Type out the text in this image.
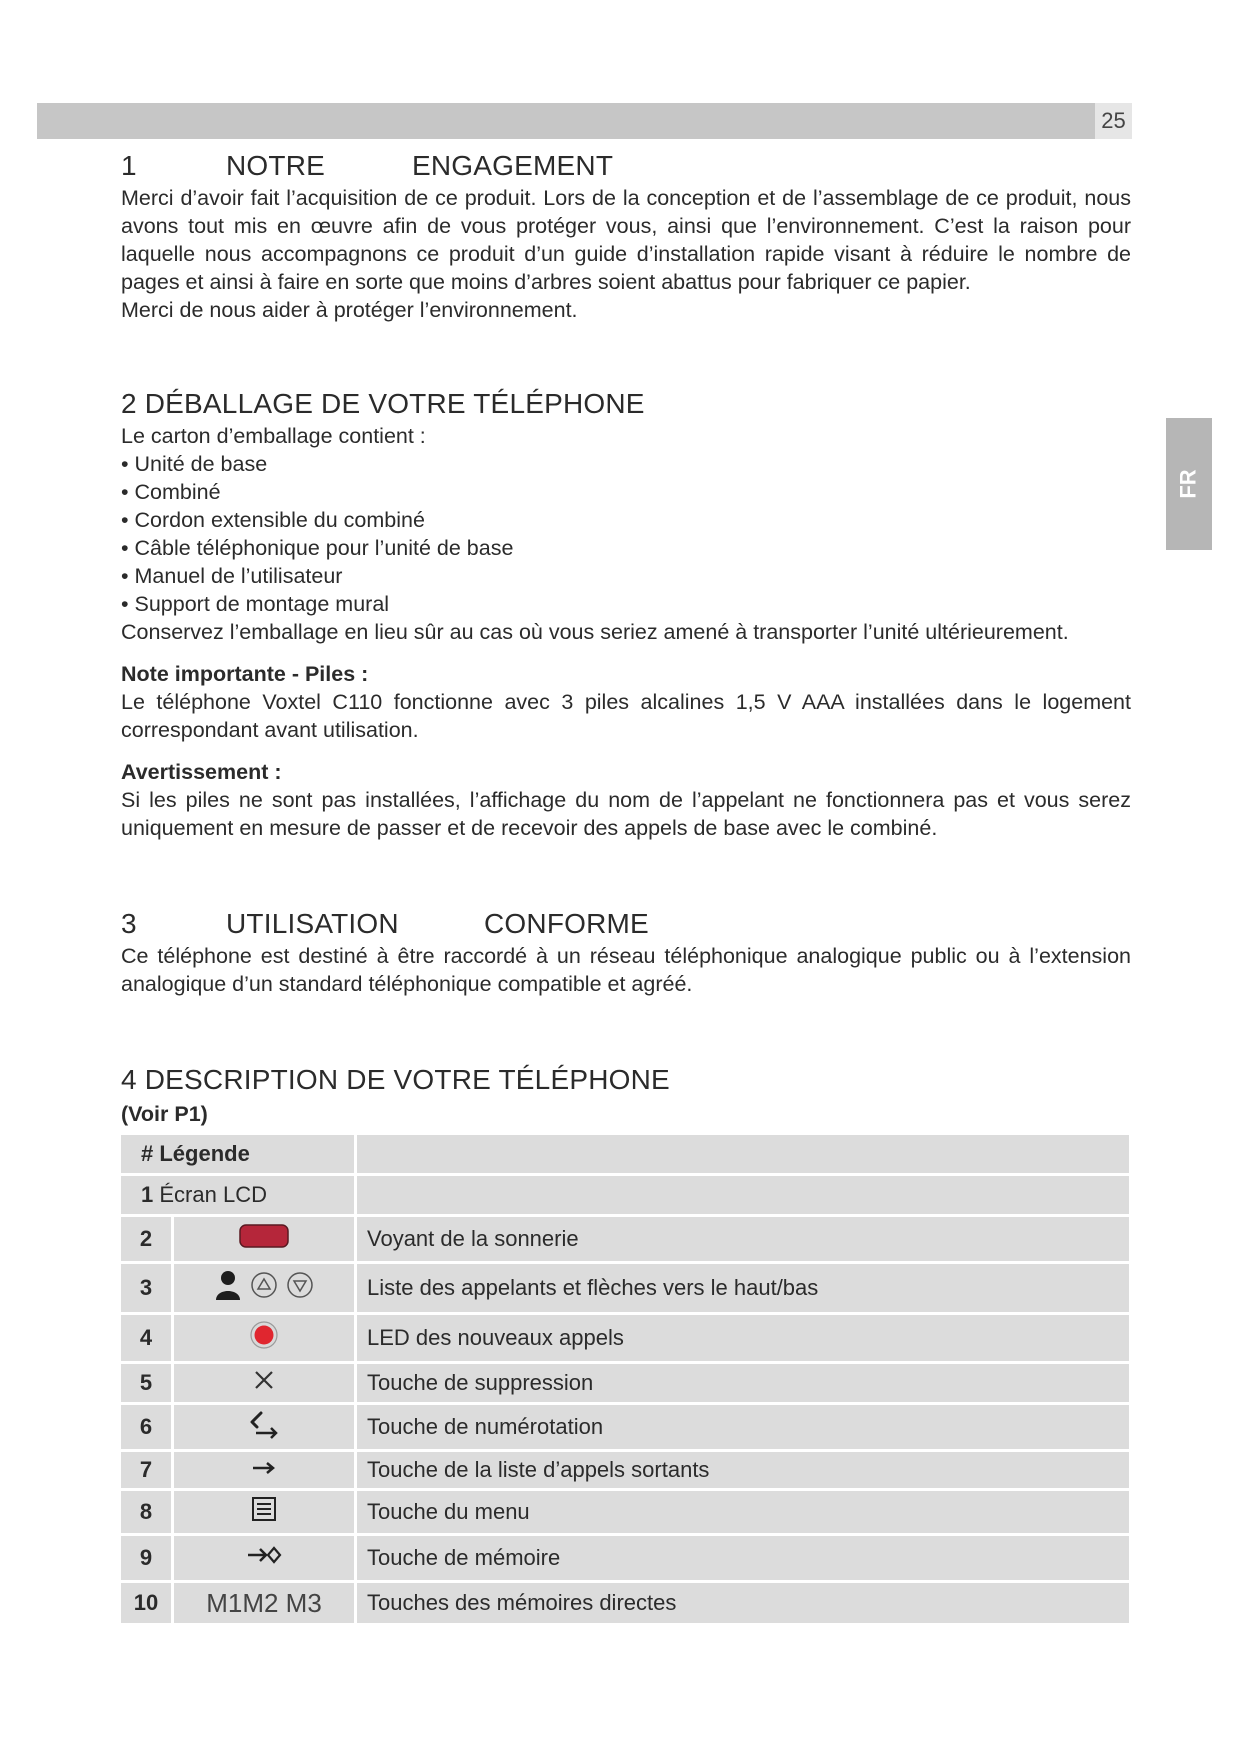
25
FR
1	NOTRE	ENGAGEMENT

Merci d’avoir fait l’acquisition de ce produit. Lors de la conception et de l’assemblage de ce produit, nous avons tout mis en œuvre afin de vous protéger vous, ainsi que l’environnement. C’est la raison pour laquelle nous accompagnons ce produit d’un guide d’installation rapide visant à réduire le nombre de pages et ainsi à faire en sorte que moins d’arbres soient abattus pour fabriquer ce papier.

Merci de nous aider à protéger l’environnement.

2 DÉBALLAGE DE VOTRE TÉLÉPHONE

Le carton d’emballage contient :

• Unité de base
• Combiné
• Cordon extensible du combiné
• Câble téléphonique pour l’unité de base
• Manuel de l’utilisateur
• Support de montage mural

Conservez l’emballage en lieu sûr au cas où vous seriez amené à transporter l’unité ultérieurement.

Note importante - Piles :

Le téléphone Voxtel C110 fonctionne avec 3 piles alcalines 1,5 V AAA installées dans le logement correspondant avant utilisation.

Avertissement :

Si les piles ne sont pas installées, l’affichage du nom de l’appelant ne fonctionnera pas et vous serez uniquement en mesure de passer et de recevoir des appels de base avec le combiné.

3	UTILISATION	CONFORME

Ce téléphone est destiné à être raccordé à un réseau téléphonique analogique public ou à l’extension analogique d’un standard téléphonique compatible et agréé.

4 DESCRIPTION DE VOTRE TÉLÉPHONE

(Voir P1)

# Légende		
1 Écran LCD		
2		Voyant de la sonnerie
3		Liste des appelants et flèches vers le haut/bas
4		LED des nouveaux appels
5		Touche de suppression
6		Touche de numérotation
7		Touche de la liste d’appels sortants
8		Touche du menu
9		Touche de mémoire
10	M1M2 M3	Touches des mémoires directes
